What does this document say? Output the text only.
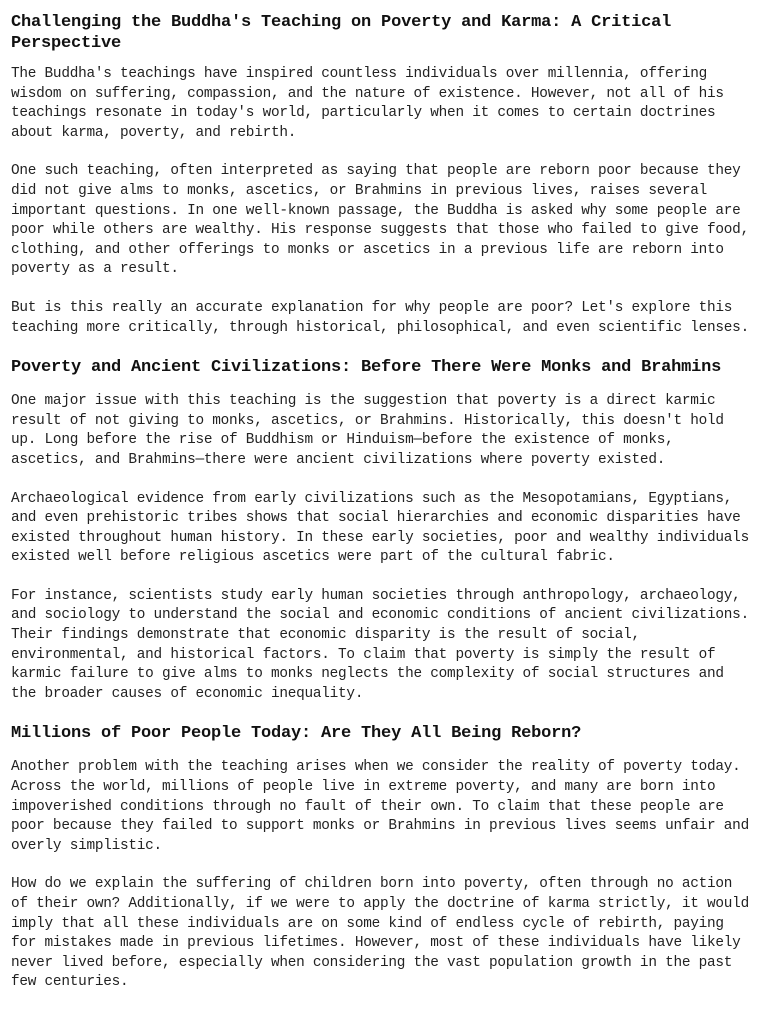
Challenging the Buddha's Teaching on Poverty and Karma: A Critical Perspective

The Buddha's teachings have inspired countless individuals over millennia, offering wisdom on suffering, compassion, and the nature of existence. However, not all of his teachings resonate in today's world, particularly when it comes to certain doctrines about karma, poverty, and rebirth.

One such teaching, often interpreted as saying that people are reborn poor because they did not give alms to monks, ascetics, or Brahmins in previous lives, raises several important questions. In one well-known passage, the Buddha is asked why some people are poor while others are wealthy. His response suggests that those who failed to give food, clothing, and other offerings to monks or ascetics in a previous life are reborn into poverty as a result.

But is this really an accurate explanation for why people are poor? Let's explore this teaching more critically, through historical, philosophical, and even scientific lenses.

Poverty and Ancient Civilizations: Before There Were Monks and Brahmins

One major issue with this teaching is the suggestion that poverty is a direct karmic result of not giving to monks, ascetics, or Brahmins. Historically, this doesn't hold up. Long before the rise of Buddhism or Hinduism—before the existence of monks, ascetics, and Brahmins—there were ancient civilizations where poverty existed.

Archaeological evidence from early civilizations such as the Mesopotamians, Egyptians, and even prehistoric tribes shows that social hierarchies and economic disparities have existed throughout human history. In these early societies, poor and wealthy individuals existed well before religious ascetics were part of the cultural fabric.

For instance, scientists study early human societies through anthropology, archaeology, and sociology to understand the social and economic conditions of ancient civilizations. Their findings demonstrate that economic disparity is the result of social, environmental, and historical factors. To claim that poverty is simply the result of karmic failure to give alms to monks neglects the complexity of social structures and the broader causes of economic inequality.

Millions of Poor People Today: Are They All Being Reborn?

Another problem with the teaching arises when we consider the reality of poverty today. Across the world, millions of people live in extreme poverty, and many are born into impoverished conditions through no fault of their own. To claim that these people are poor because they failed to support monks or Brahmins in previous lives seems unfair and overly simplistic.

How do we explain the suffering of children born into poverty, often through no action of their own? Additionally, if we were to apply the doctrine of karma strictly, it would imply that all these individuals are on some kind of endless cycle of rebirth, paying for mistakes made in previous lifetimes. However, most of these individuals have likely never lived before, especially when considering the vast population growth in the past few centuries.
